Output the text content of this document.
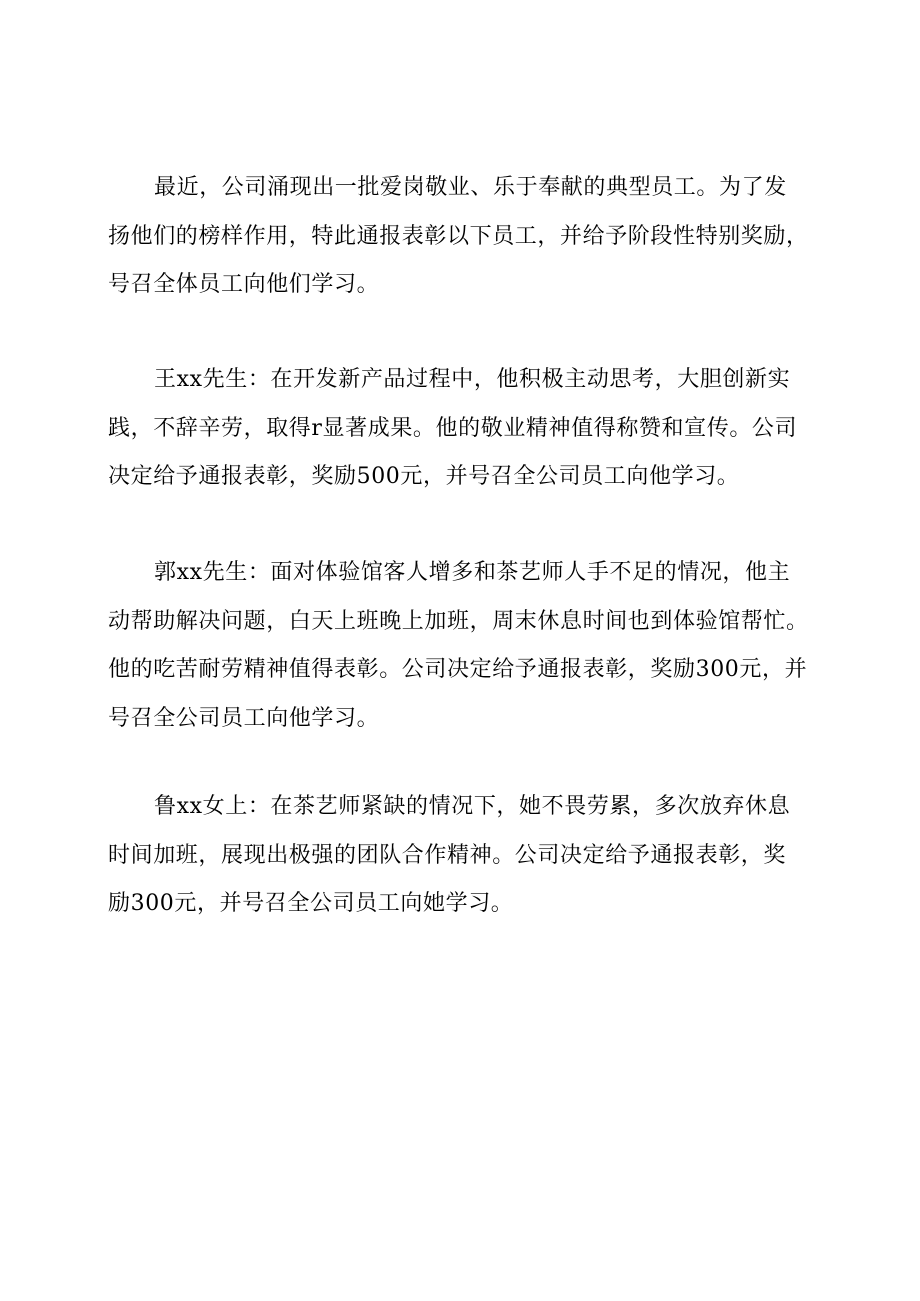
最近，公司涌现出一批爱岗敬业、乐于奉献的典型员工。为了发
扬他们的榜样作用，特此通报表彰以下员工，并给予阶段性特别奖励，
号召全体员工向他们学习。

王xx先生：在开发新产品过程中，他积极主动思考，大胆创新实
践，不辞辛劳，取得r显著成果。他的敬业精神值得称赞和宣传。公司
决定给予通报表彰，奖励500元，并号召全公司员工向他学习。

郭xx先生：面对体验馆客人增多和茶艺师人手不足的情况，他主
动帮助解决问题，白天上班晚上加班，周末休息时间也到体验馆帮忙。
他的吃苦耐劳精神值得表彰。公司决定给予通报表彰，奖励300元，并
号召全公司员工向他学习。

鲁xx女上：在茶艺师紧缺的情况下，她不畏劳累，多次放弃休息
时间加班，展现出极强的团队合作精神。公司决定给予通报表彰，奖
励300元，并号召全公司员工向她学习。
